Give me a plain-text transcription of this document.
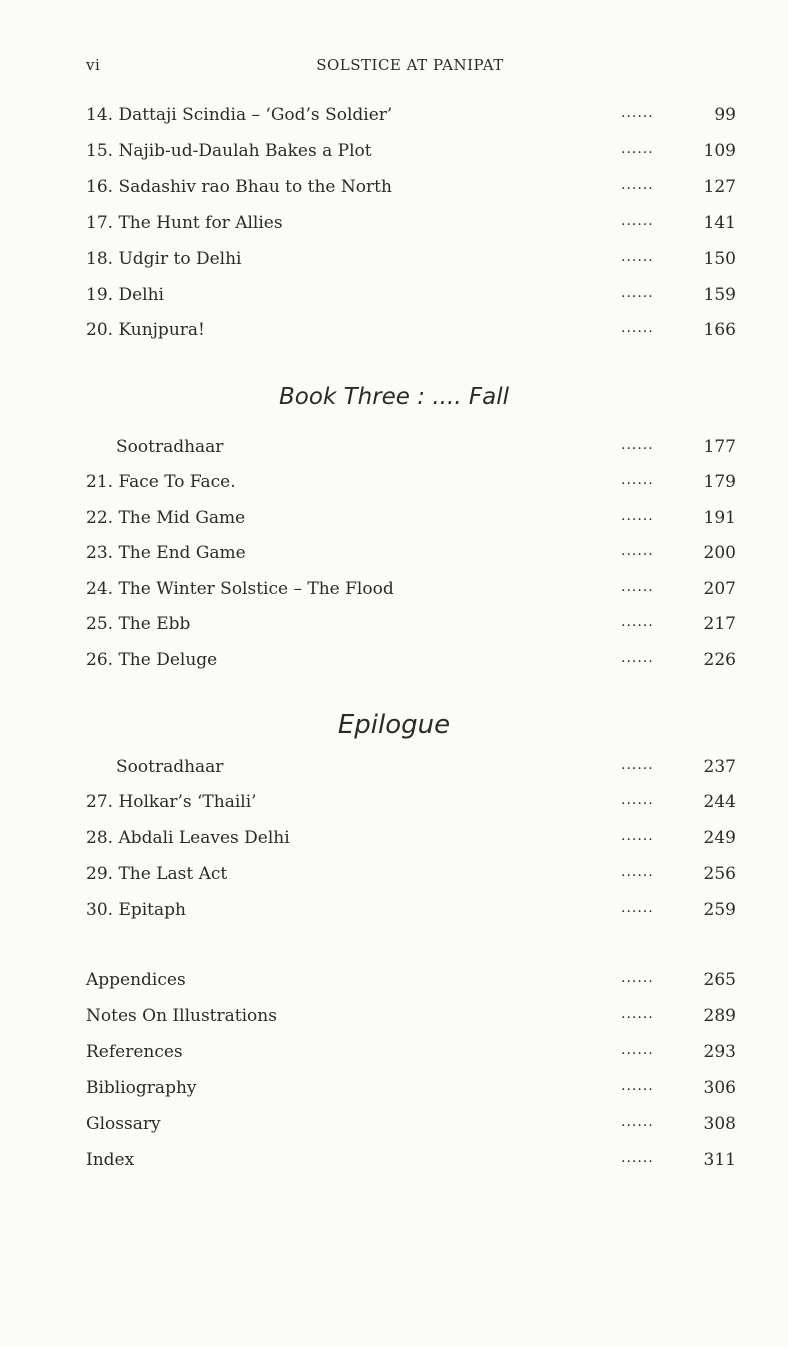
vi	SOLSTICE AT PANIPAT
14. Dattaji Scindia – ‘God’s Soldier’	......	99
15. Najib-ud-Daulah Bakes a Plot	......	109
16. Sadashiv rao Bhau to the North	......	127
17. The Hunt for Allies	......	141
18. Udgir to Delhi	......	150
19. Delhi	......	159
20. Kunjpura!	......	166
Book Three : .... Fall
Sootradhaar	......	177
21. Face To Face.	......	179
22. The Mid Game	......	191
23. The End Game	......	200
24. The Winter Solstice – The Flood	......	207
25. The Ebb	......	217
26. The Deluge	......	226
Epilogue
Sootradhaar	......	237
27. Holkar’s ‘Thaili’	......	244
28. Abdali Leaves Delhi	......	249
29. The Last Act	......	256
30. Epitaph	......	259
Appendices	......	265
Notes On Illustrations	......	289
References	......	293
Bibliography	......	306
Glossary	......	308
Index	......	311
